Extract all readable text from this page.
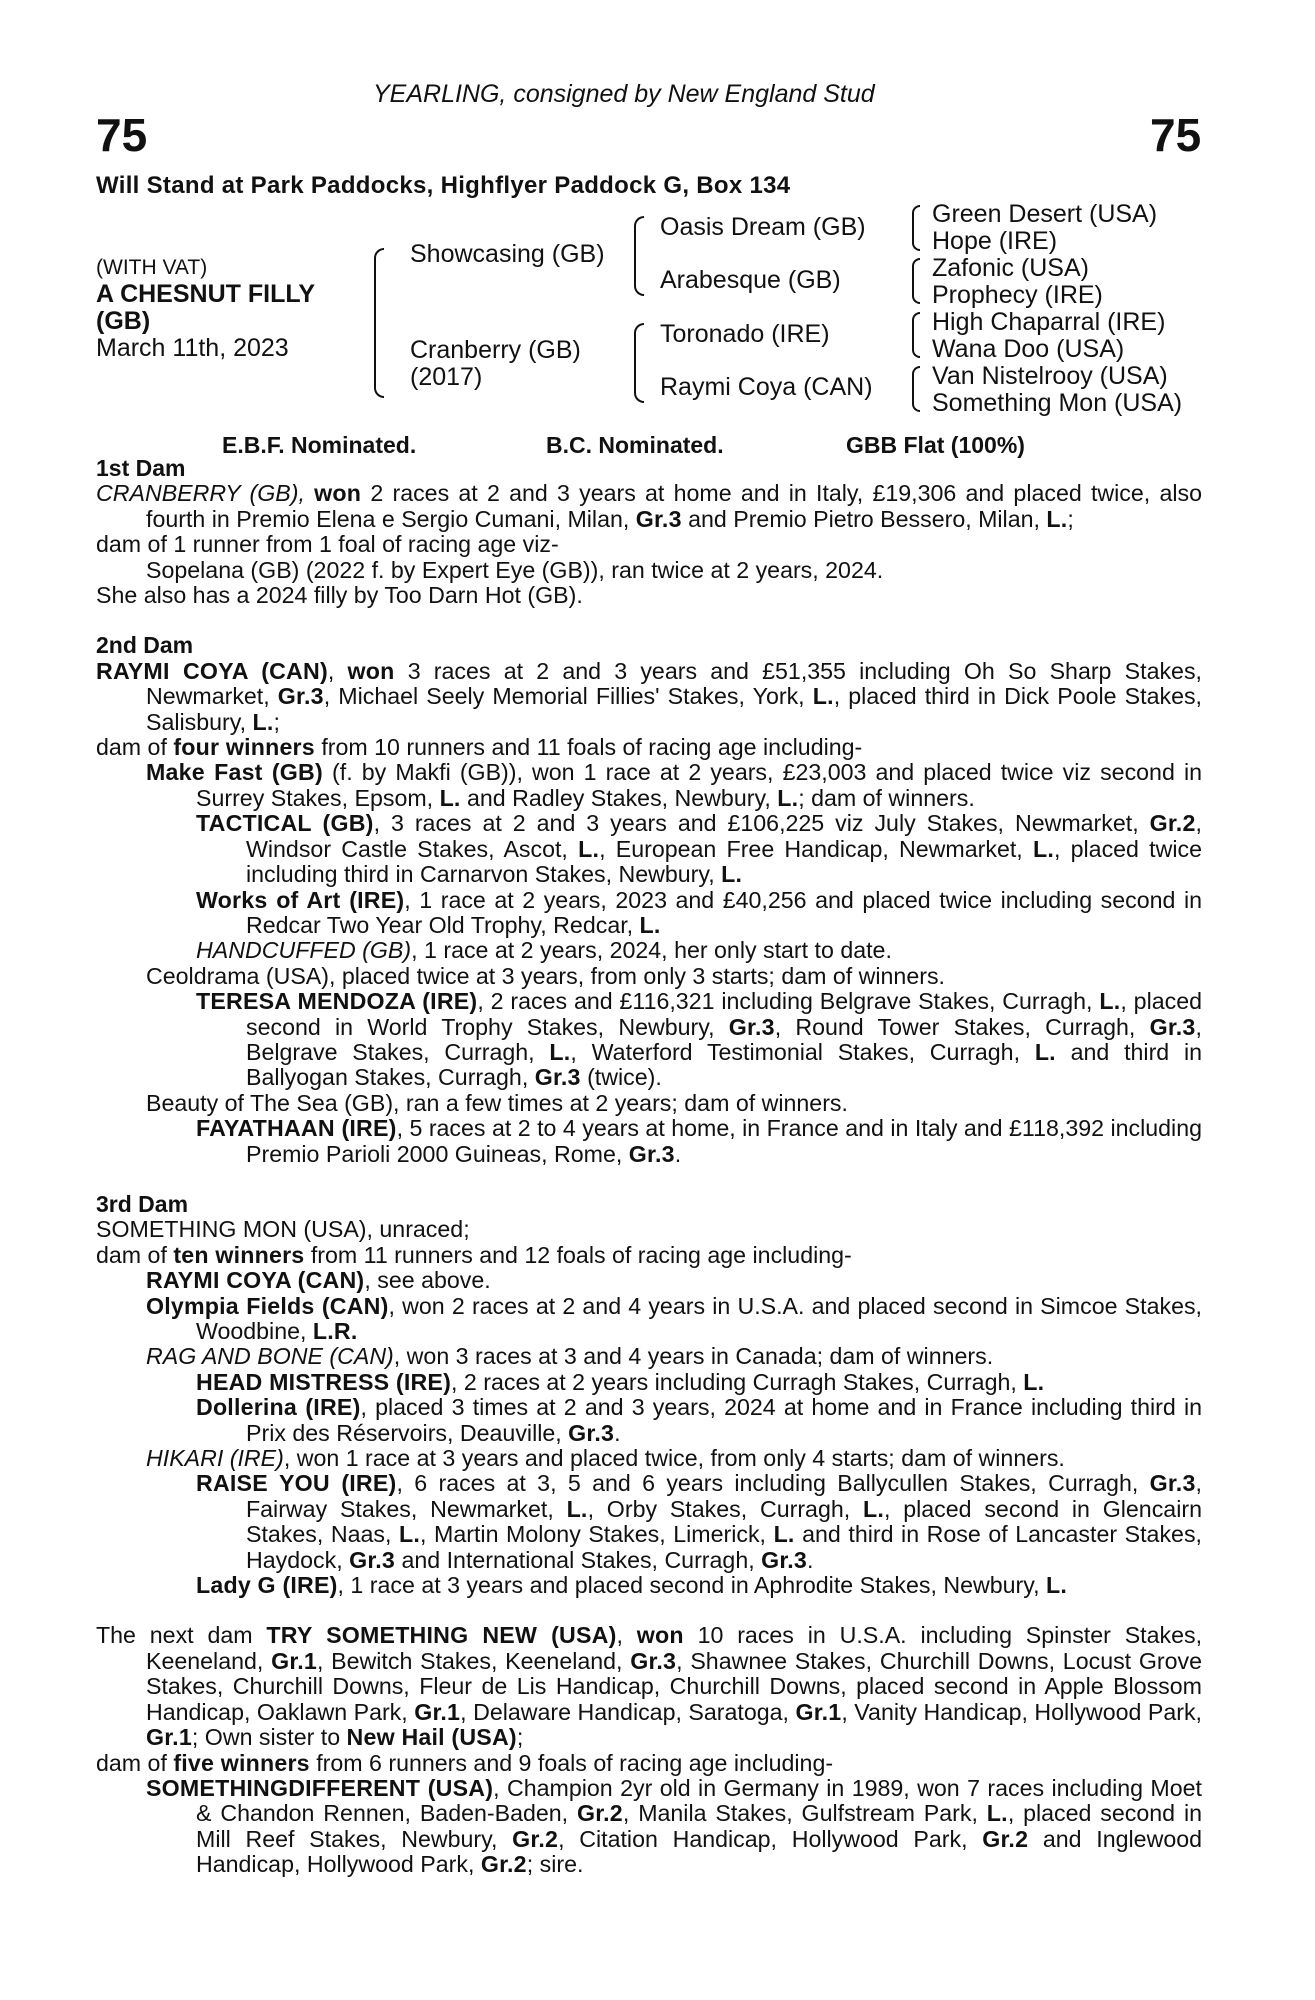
YEARLING, consigned by New England Stud
75	75
Will Stand at Park Paddocks, Highflyer Paddock G, Box 134
(WITH VAT)
A CHESNUT FILLY
(GB)
March 11th, 2023
Showcasing (GB)
Cranberry (GB)
(2017)
Oasis Dream (GB)
Arabesque (GB)
Toronado (IRE)
Raymi Coya (CAN)
Green Desert (USA)
Hope (IRE)
Zafonic (USA)
Prophecy (IRE)
High Chaparral (IRE)
Wana Doo (USA)
Van Nistelrooy (USA)
Something Mon (USA)
E.B.F. Nominated.	B.C. Nominated.	GBB Flat (100%)

1st Dam

CRANBERRY (GB), won 2 races at 2 and 3 years at home and in Italy, £19,306 and placed twice, also fourth in Premio Elena e Sergio Cumani, Milan, Gr.3 and Premio Pietro Bessero, Milan, L.;

dam of 1 runner from 1 foal of racing age viz-

Sopelana (GB) (2022 f. by Expert Eye (GB)), ran twice at 2 years, 2024.

She also has a 2024 filly by Too Darn Hot (GB).

2nd Dam

RAYMI COYA (CAN), won 3 races at 2 and 3 years and £51,355 including Oh So Sharp Stakes, Newmarket, Gr.3, Michael Seely Memorial Fillies' Stakes, York, L., placed third in Dick Poole Stakes, Salisbury, L.;

dam of four winners from 10 runners and 11 foals of racing age including-

Make Fast (GB) (f. by Makfi (GB)), won 1 race at 2 years, £23,003 and placed twice viz second in Surrey Stakes, Epsom, L. and Radley Stakes, Newbury, L.; dam of winners.

TACTICAL (GB), 3 races at 2 and 3 years and £106,225 viz July Stakes, Newmarket, Gr.2, Windsor Castle Stakes, Ascot, L., European Free Handicap, Newmarket, L., placed twice including third in Carnarvon Stakes, Newbury, L.

Works of Art (IRE), 1 race at 2 years, 2023 and £40,256 and placed twice including second in Redcar Two Year Old Trophy, Redcar, L.

HANDCUFFED (GB), 1 race at 2 years, 2024, her only start to date.

Ceoldrama (USA), placed twice at 3 years, from only 3 starts; dam of winners.

TERESA MENDOZA (IRE), 2 races and £116,321 including Belgrave Stakes, Curragh, L., placed second in World Trophy Stakes, Newbury, Gr.3, Round Tower Stakes, Curragh, Gr.3, Belgrave Stakes, Curragh, L., Waterford Testimonial Stakes, Curragh, L. and third in Ballyogan Stakes, Curragh, Gr.3 (twice).

Beauty of The Sea (GB), ran a few times at 2 years; dam of winners.

FAYATHAAN (IRE), 5 races at 2 to 4 years at home, in France and in Italy and £118,392 including Premio Parioli 2000 Guineas, Rome, Gr.3.

3rd Dam

SOMETHING MON (USA), unraced;

dam of ten winners from 11 runners and 12 foals of racing age including-

RAYMI COYA (CAN), see above.

Olympia Fields (CAN), won 2 races at 2 and 4 years in U.S.A. and placed second in Simcoe Stakes, Woodbine, L.R.

RAG AND BONE (CAN), won 3 races at 3 and 4 years in Canada; dam of winners.

HEAD MISTRESS (IRE), 2 races at 2 years including Curragh Stakes, Curragh, L.

Dollerina (IRE), placed 3 times at 2 and 3 years, 2024 at home and in France including third in Prix des Réservoirs, Deauville, Gr.3.

HIKARI (IRE), won 1 race at 3 years and placed twice, from only 4 starts; dam of winners.

RAISE YOU (IRE), 6 races at 3, 5 and 6 years including Ballycullen Stakes, Curragh, Gr.3, Fairway Stakes, Newmarket, L., Orby Stakes, Curragh, L., placed second in Glencairn Stakes, Naas, L., Martin Molony Stakes, Limerick, L. and third in Rose of Lancaster Stakes, Haydock, Gr.3 and International Stakes, Curragh, Gr.3.

Lady G (IRE), 1 race at 3 years and placed second in Aphrodite Stakes, Newbury, L.

The next dam TRY SOMETHING NEW (USA), won 10 races in U.S.A. including Spinster Stakes, Keeneland, Gr.1, Bewitch Stakes, Keeneland, Gr.3, Shawnee Stakes, Churchill Downs, Locust Grove Stakes, Churchill Downs, Fleur de Lis Handicap, Churchill Downs, placed second in Apple Blossom Handicap, Oaklawn Park, Gr.1, Delaware Handicap, Saratoga, Gr.1, Vanity Handicap, Hollywood Park, Gr.1; Own sister to New Hail (USA);

dam of five winners from 6 runners and 9 foals of racing age including-

SOMETHINGDIFFERENT (USA), Champion 2yr old in Germany in 1989, won 7 races including Moet & Chandon Rennen, Baden-Baden, Gr.2, Manila Stakes, Gulfstream Park, L., placed second in Mill Reef Stakes, Newbury, Gr.2, Citation Handicap, Hollywood Park, Gr.2 and Inglewood Handicap, Hollywood Park, Gr.2; sire.
